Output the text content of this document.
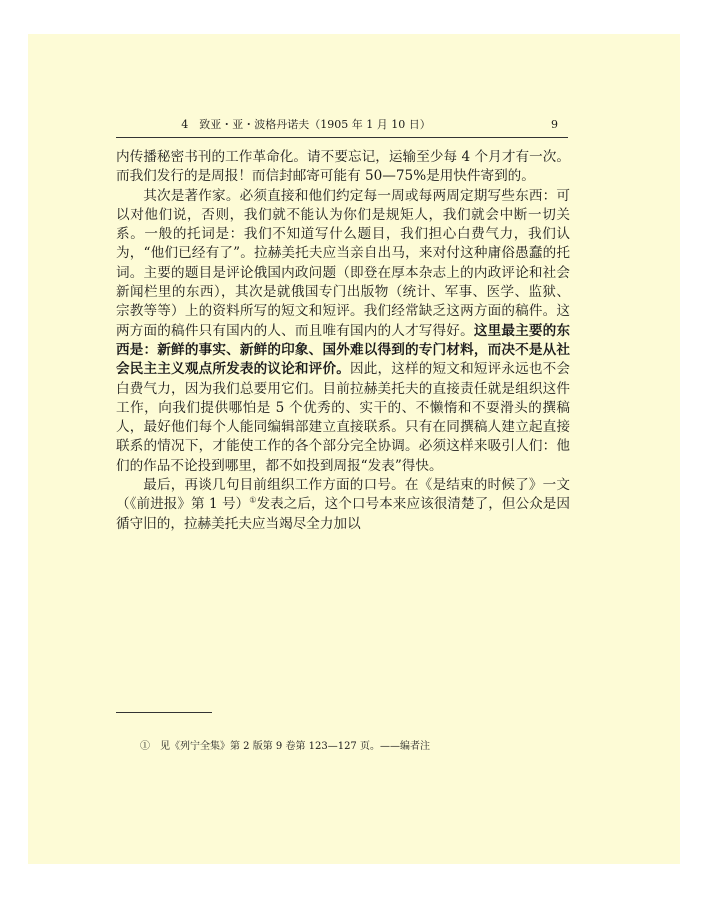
4　致亚・亚・波格丹诺夫（1905 年 1 月 10 日）	9

内传播秘密书刊的工作革命化。请不要忘记，运输至少每 4 个月才有一次。而我们发行的是周报！而信封邮寄可能有 50—75%是用快件寄到的。

其次是著作家。必须直接和他们约定每一周或每两周定期写些东西：可以对他们说，否则，我们就不能认为你们是规矩人，我们就会中断一切关系。一般的托词是：我们不知道写什么题目，我们担心白费气力，我们认为，“他们已经有了”。拉赫美托夫应当亲自出马，来对付这种庸俗愚蠢的托词。主要的题目是评论俄国内政问题（即登在厚本杂志上的内政评论和社会新闻栏里的东西），其次是就俄国专门出版物（统计、军事、医学、监狱、宗教等等）上的资料所写的短文和短评。我们经常缺乏这两方面的稿件。这两方面的稿件只有国内的人、而且唯有国内的人才写得好。这里最主要的东西是：新鲜的事实、新鲜的印象、国外难以得到的专门材料，而决不是从社会民主主义观点所发表的议论和评价。因此，这样的短文和短评永远也不会白费气力，因为我们总要用它们。目前拉赫美托夫的直接责任就是组织这件工作，向我们提供哪怕是 5 个优秀的、实干的、不懒惰和不耍滑头的撰稿人，最好他们每个人能同编辑部建立直接联系。只有在同撰稿人建立起直接联系的情况下，才能使工作的各个部分完全协调。必须这样来吸引人们：他们的作品不论投到哪里，都不如投到周报“发表”得快。

最后，再谈几句目前组织工作方面的口号。在《是结束的时候了》一文（《前进报》第 1 号）①发表之后，这个口号本来应该很清楚了，但公众是因循守旧的，拉赫美托夫应当竭尽全力加以

①　见《列宁全集》第 2 版第 9 卷第 123—127 页。——编者注
